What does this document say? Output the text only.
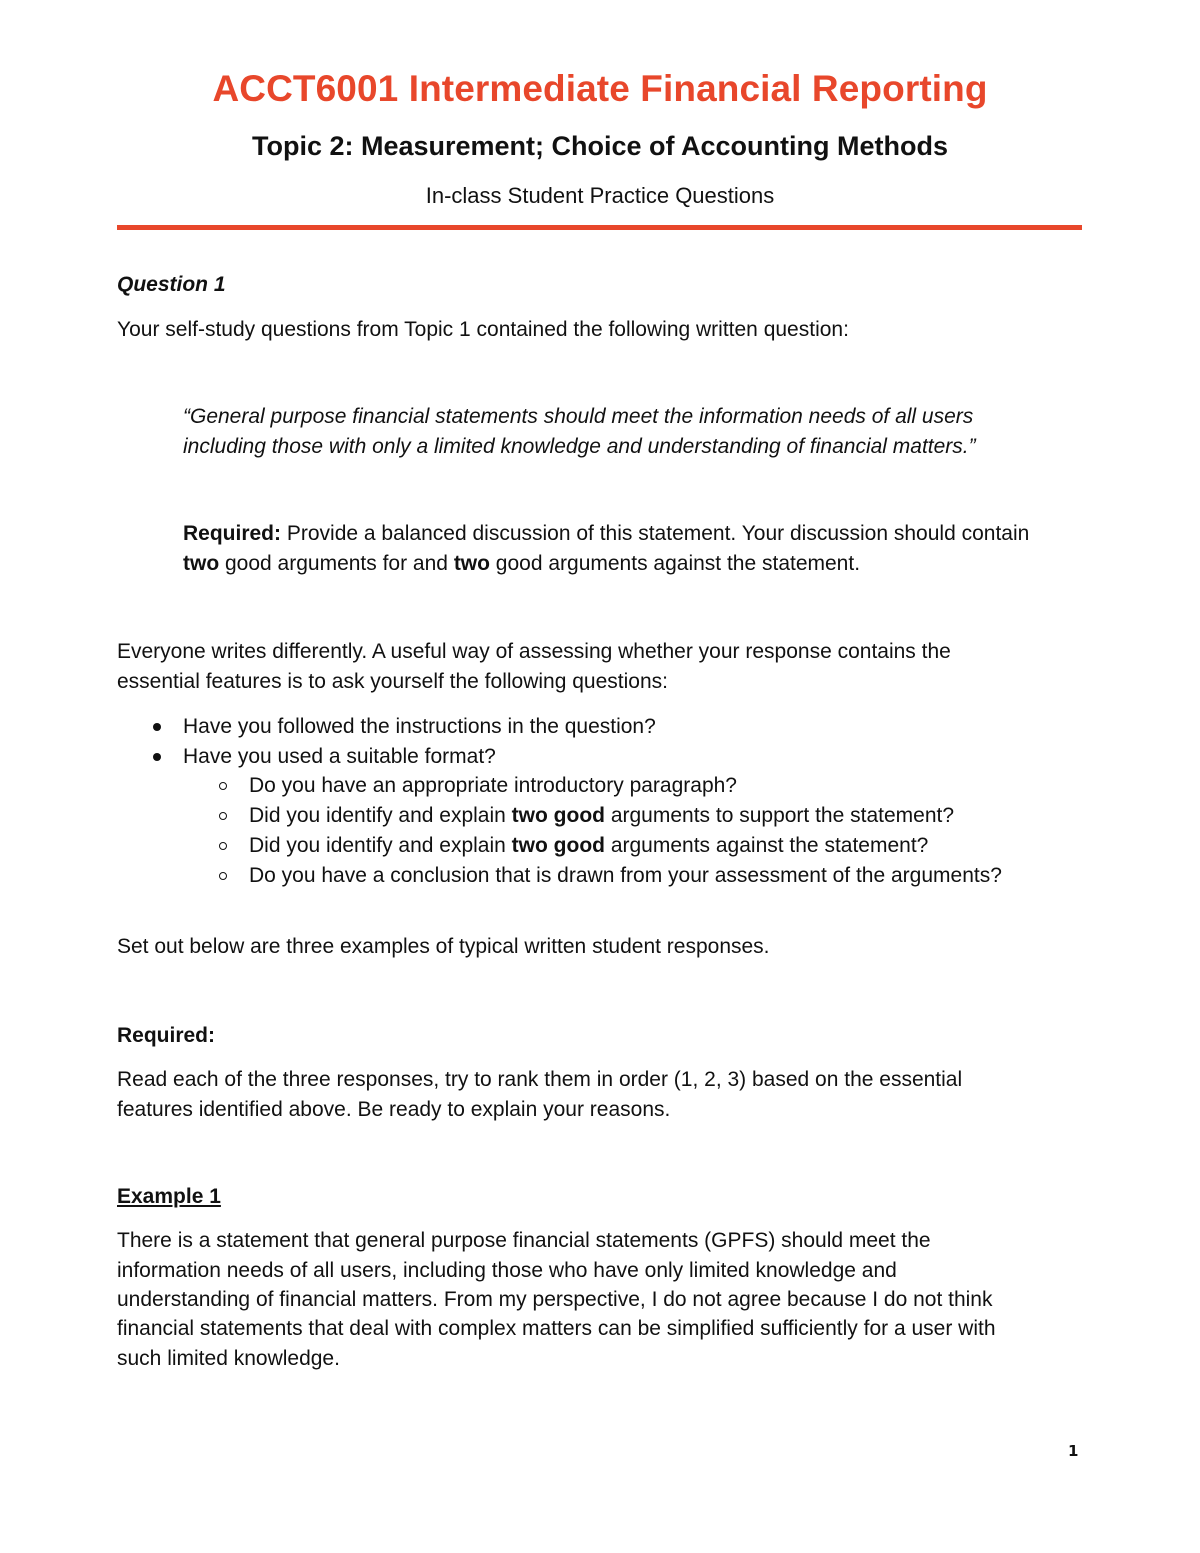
ACCT6001 Intermediate Financial Reporting
Topic 2: Measurement; Choice of Accounting Methods
In-class Student Practice Questions
Question 1
Your self-study questions from Topic 1 contained the following written question:
“General purpose financial statements should meet the information needs of all users
including those with only a limited knowledge and understanding of financial matters.”
Required: Provide a balanced discussion of this statement. Your discussion should contain
two good arguments for and two good arguments against the statement.
Everyone writes differently. A useful way of assessing whether your response contains the
essential features is to ask yourself the following questions:
Have you followed the instructions in the question?
Have you used a suitable format?
Do you have an appropriate introductory paragraph?
Did you identify and explain two good arguments to support the statement?
Did you identify and explain two good arguments against the statement?
Do you have a conclusion that is drawn from your assessment of the arguments?
Set out below are three examples of typical written student responses.
Required:
Read each of the three responses, try to rank them in order (1, 2, 3) based on the essential
features identified above. Be ready to explain your reasons.
Example 1
There is a statement that general purpose financial statements (GPFS) should meet the
information needs of all users, including those who have only limited knowledge and
understanding of financial matters. From my perspective, I do not agree because I do not think
financial statements that deal with complex matters can be simplified sufficiently for a user with
such limited knowledge.
1
